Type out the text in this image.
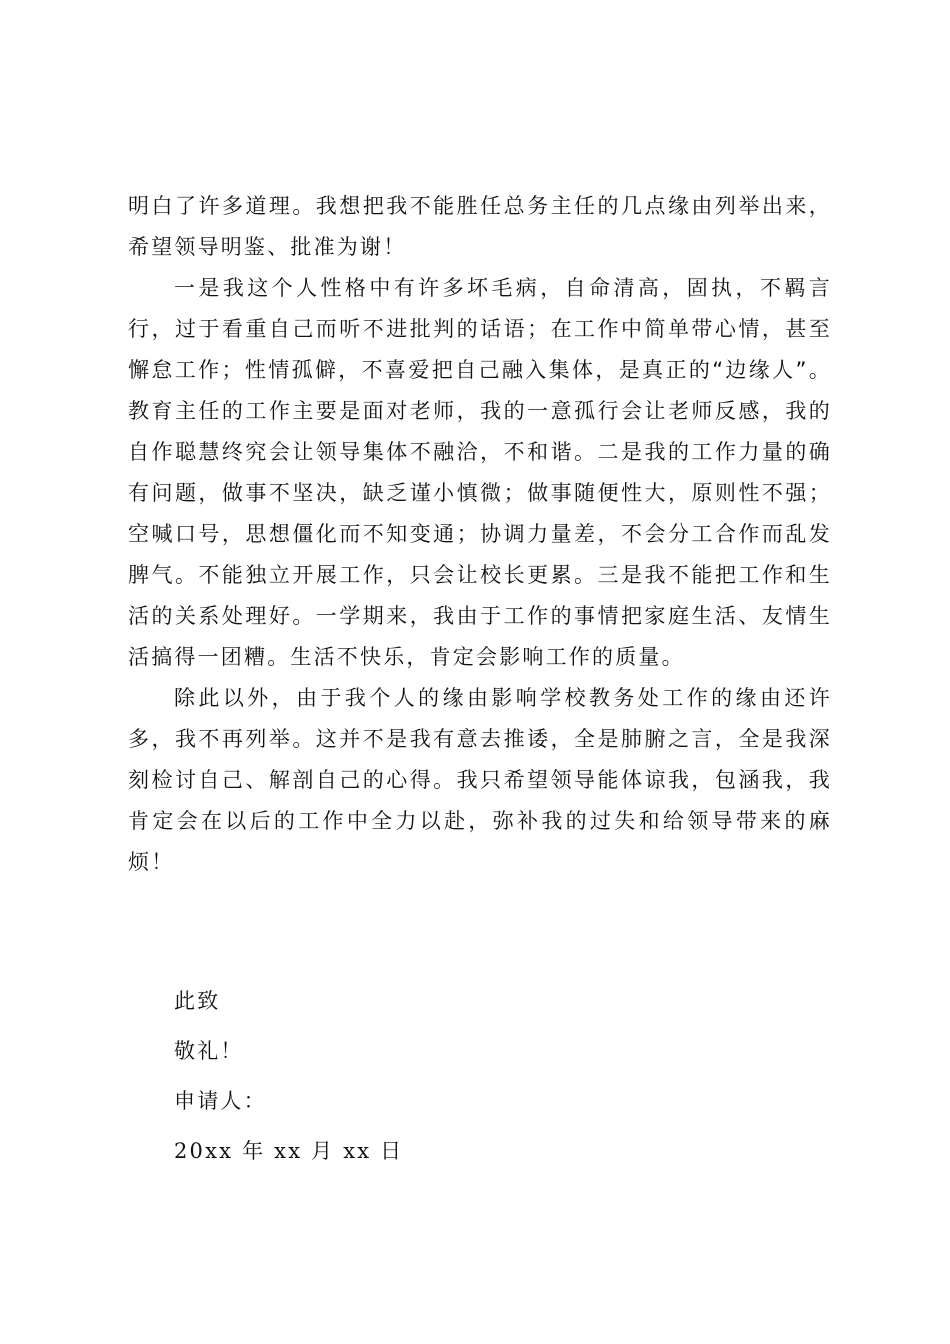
明白了许多道理。我想把我不能胜任总务主任的几点缘由列举出来，希望领导明鉴、批准为谢！

一是我这个人性格中有许多坏毛病，自命清高，固执，不羁言行，过于看重自己而听不进批判的话语；在工作中简单带心情，甚至懈怠工作；性情孤僻，不喜爱把自己融入集体，是真正的“边缘人”。教育主任的工作主要是面对老师，我的一意孤行会让老师反感，我的自作聪慧终究会让领导集体不融洽，不和谐。二是我的工作力量的确有问题，做事不坚决，缺乏谨小慎微；做事随便性大，原则性不强；空喊口号，思想僵化而不知变通；协调力量差，不会分工合作而乱发脾气。不能独立开展工作，只会让校长更累。三是我不能把工作和生活的关系处理好。一学期来，我由于工作的事情把家庭生活、友情生活搞得一团糟。生活不快乐，肯定会影响工作的质量。

除此以外，由于我个人的缘由影响学校教务处工作的缘由还许多，我不再列举。这并不是我有意去推诿，全是肺腑之言，全是我深刻检讨自己、解剖自己的心得。我只希望领导能体谅我，包涵我，我肯定会在以后的工作中全力以赴，弥补我的过失和给领导带来的麻烦！

此致
敬礼！
申请人：
20xx 年 xx 月 xx 日
